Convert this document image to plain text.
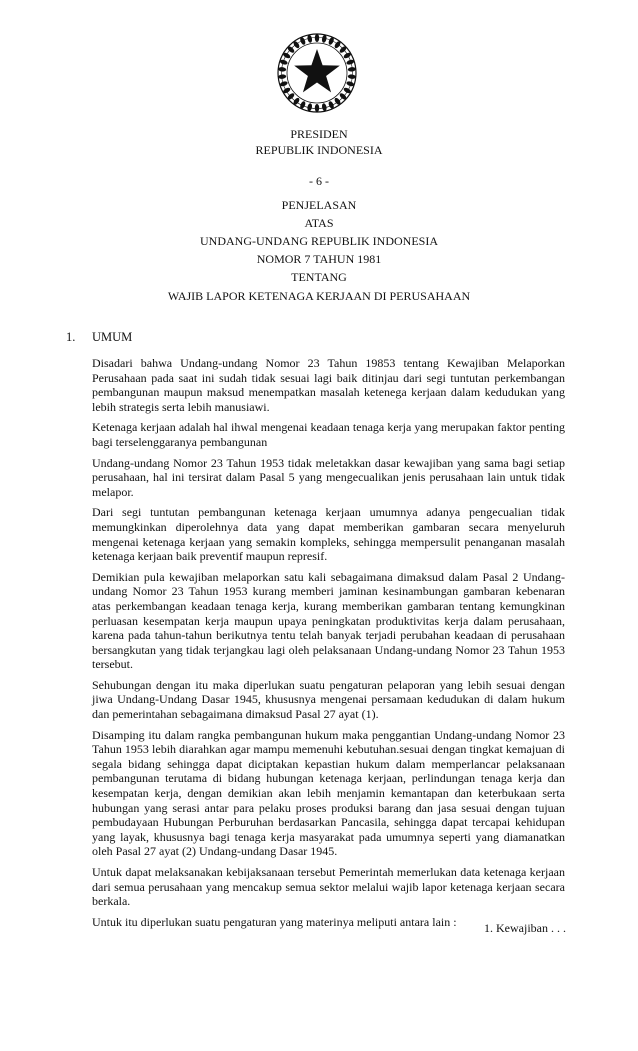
PRESIDEN
REPUBLIK INDONESIA
- 6 -
PENJELASAN
ATAS
UNDANG-UNDANG REPUBLIK INDONESIA
NOMOR 7 TAHUN 1981
TENTANG
WAJIB LAPOR KETENAGA KERJAAN DI PERUSAHAAN
1. UMUM

Disadari bahwa Undang-undang Nomor 23 Tahun 19853 tentang Kewajiban Melaporkan Perusahaan pada saat ini sudah tidak sesuai lagi baik ditinjau dari segi tuntutan perkembangan pembangunan maupun maksud menempatkan masalah ketenega kerjaan dalam kedudukan yang lebih strategis serta lebih manusiawi.

Ketenaga kerjaan adalah hal ihwal mengenai keadaan tenaga kerja yang merupakan faktor penting bagi terselenggaranya pembangunan

Undang-undang Nomor 23 Tahun 1953 tidak meletakkan dasar kewajiban yang sama bagi setiap perusahaan, hal ini tersirat dalam Pasal 5 yang mengecualikan jenis perusahaan lain untuk tidak melapor.

Dari segi tuntutan pembangunan ketenaga kerjaan umumnya adanya pengecualian tidak memungkinkan diperolehnya data yang dapat memberikan gambaran secara menyeluruh mengenai ketenaga kerjaan yang semakin kompleks, sehingga mempersulit penanganan masalah ketenaga kerjaan baik preventif maupun represif.

Demikian pula kewajiban melaporkan satu kali sebagaimana dimaksud dalam Pasal 2 Undang-undang Nomor 23 Tahun 1953 kurang memberi jaminan kesinambungan gambaran kebenaran atas perkembangan keadaan tenaga kerja, kurang memberikan gambaran tentang kemungkinan perluasan kesempatan kerja maupun upaya peningkatan produktivitas kerja dalam perusahaan, karena pada tahun-tahun berikutnya tentu telah banyak terjadi perubahan keadaan di perusahaan bersangkutan yang tidak terjangkau lagi oleh pelaksanaan Undang-undang Nomor 23 Tahun 1953 tersebut.

Sehubungan dengan itu maka diperlukan suatu pengaturan pelaporan yang lebih sesuai dengan jiwa Undang-Undang Dasar 1945, khususnya mengenai persamaan kedudukan di dalam hukum dan pemerintahan sebagaimana dimaksud Pasal 27 ayat (1).

Disamping itu dalam rangka pembangunan hukum maka penggantian Undang-undang Nomor 23 Tahun 1953 lebih diarahkan agar mampu memenuhi kebutuhan.sesuai dengan tingkat kemajuan di segala bidang sehingga dapat diciptakan kepastian hukum dalam memperlancar pelaksanaan pembangunan terutama di bidang hubungan ketenaga kerjaan, perlindungan tenaga kerja dan kesempatan kerja, dengan demikian akan lebih menjamin kemantapan dan keterbukaan serta hubungan yang serasi antar para pelaku proses produksi barang dan jasa sesuai dengan tujuan pembudayaan Hubungan Perburuhan berdasarkan Pancasila, sehingga dapat tercapai kehidupan yang layak, khususnya bagi tenaga kerja masyarakat pada umumnya seperti yang diamanatkan oleh Pasal 27 ayat (2) Undang-undang Dasar 1945.

Untuk dapat melaksanakan kebijaksanaan tersebut Pemerintah memerlukan data ketenaga kerjaan dari semua perusahaan yang mencakup semua sektor melalui wajib lapor ketenaga kerjaan secara berkala.

Untuk itu diperlukan suatu pengaturan yang materinya meliputi antara lain :	1. Kewajiban . . .
